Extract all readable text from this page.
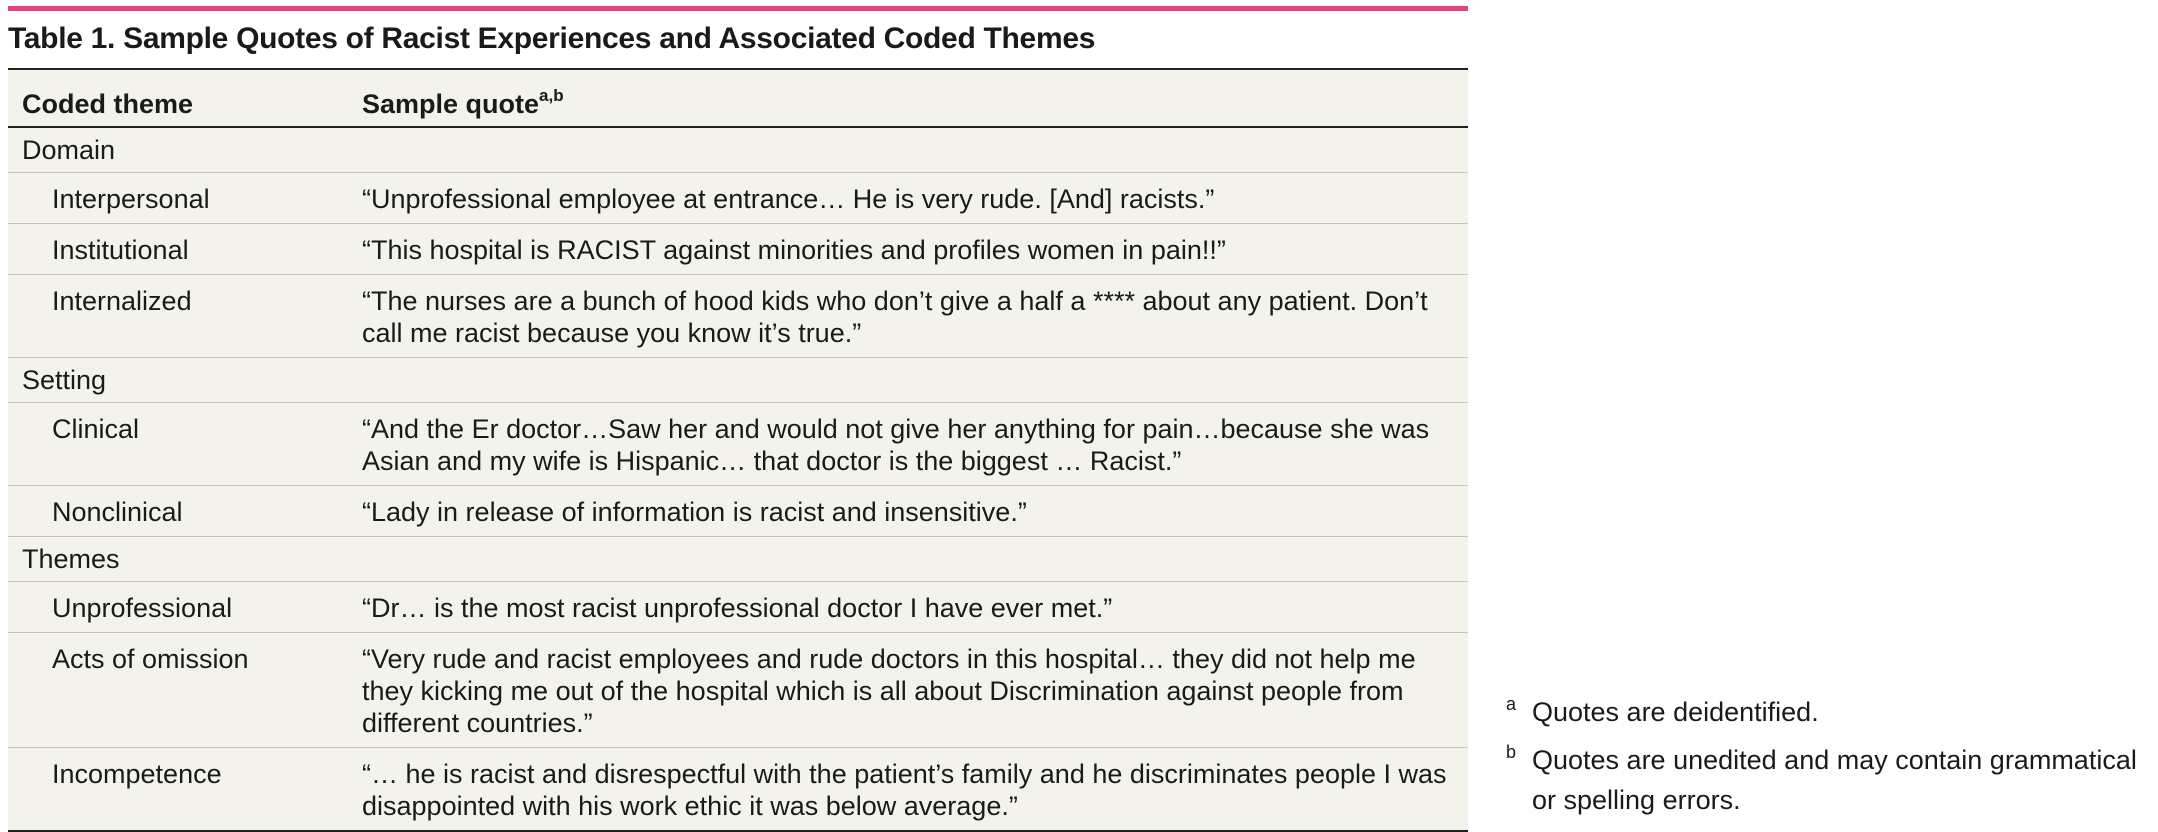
Table 1. Sample Quotes of Racist Experiences and Associated Coded Themes
Coded theme	Sample quote$^{a,b}$
Domain	
Interpersonal	“Unprofessional employee at entrance… He is very rude. [And] racists.”
Institutional	“This hospital is RACIST against minorities and profiles women in pain!!”
Internalized	“The nurses are a bunch of hood kids who don’t give a half a **** about any patient. Don’t call me racist because you know it’s true.”
Setting	
Clinical	“And the Er doctor…Saw her and would not give her anything for pain…because she was Asian and my wife is Hispanic… that doctor is the biggest … Racist.”
Nonclinical	“Lady in release of information is racist and insensitive.”
Themes	
Unprofessional	“Dr… is the most racist unprofessional doctor I have ever met.”
Acts of omission	“Very rude and racist employees and rude doctors in this hospital… they did not help me they kicking me out of the hospital which is all about Discrimination against people from different countries.”
Incompetence	“… he is racist and disrespectful with the patient’s family and he discriminates people I was disappointed with his work ethic it was below average.”
a Quotes are deidentified.
b Quotes are unedited and may contain grammatical or spelling errors.
